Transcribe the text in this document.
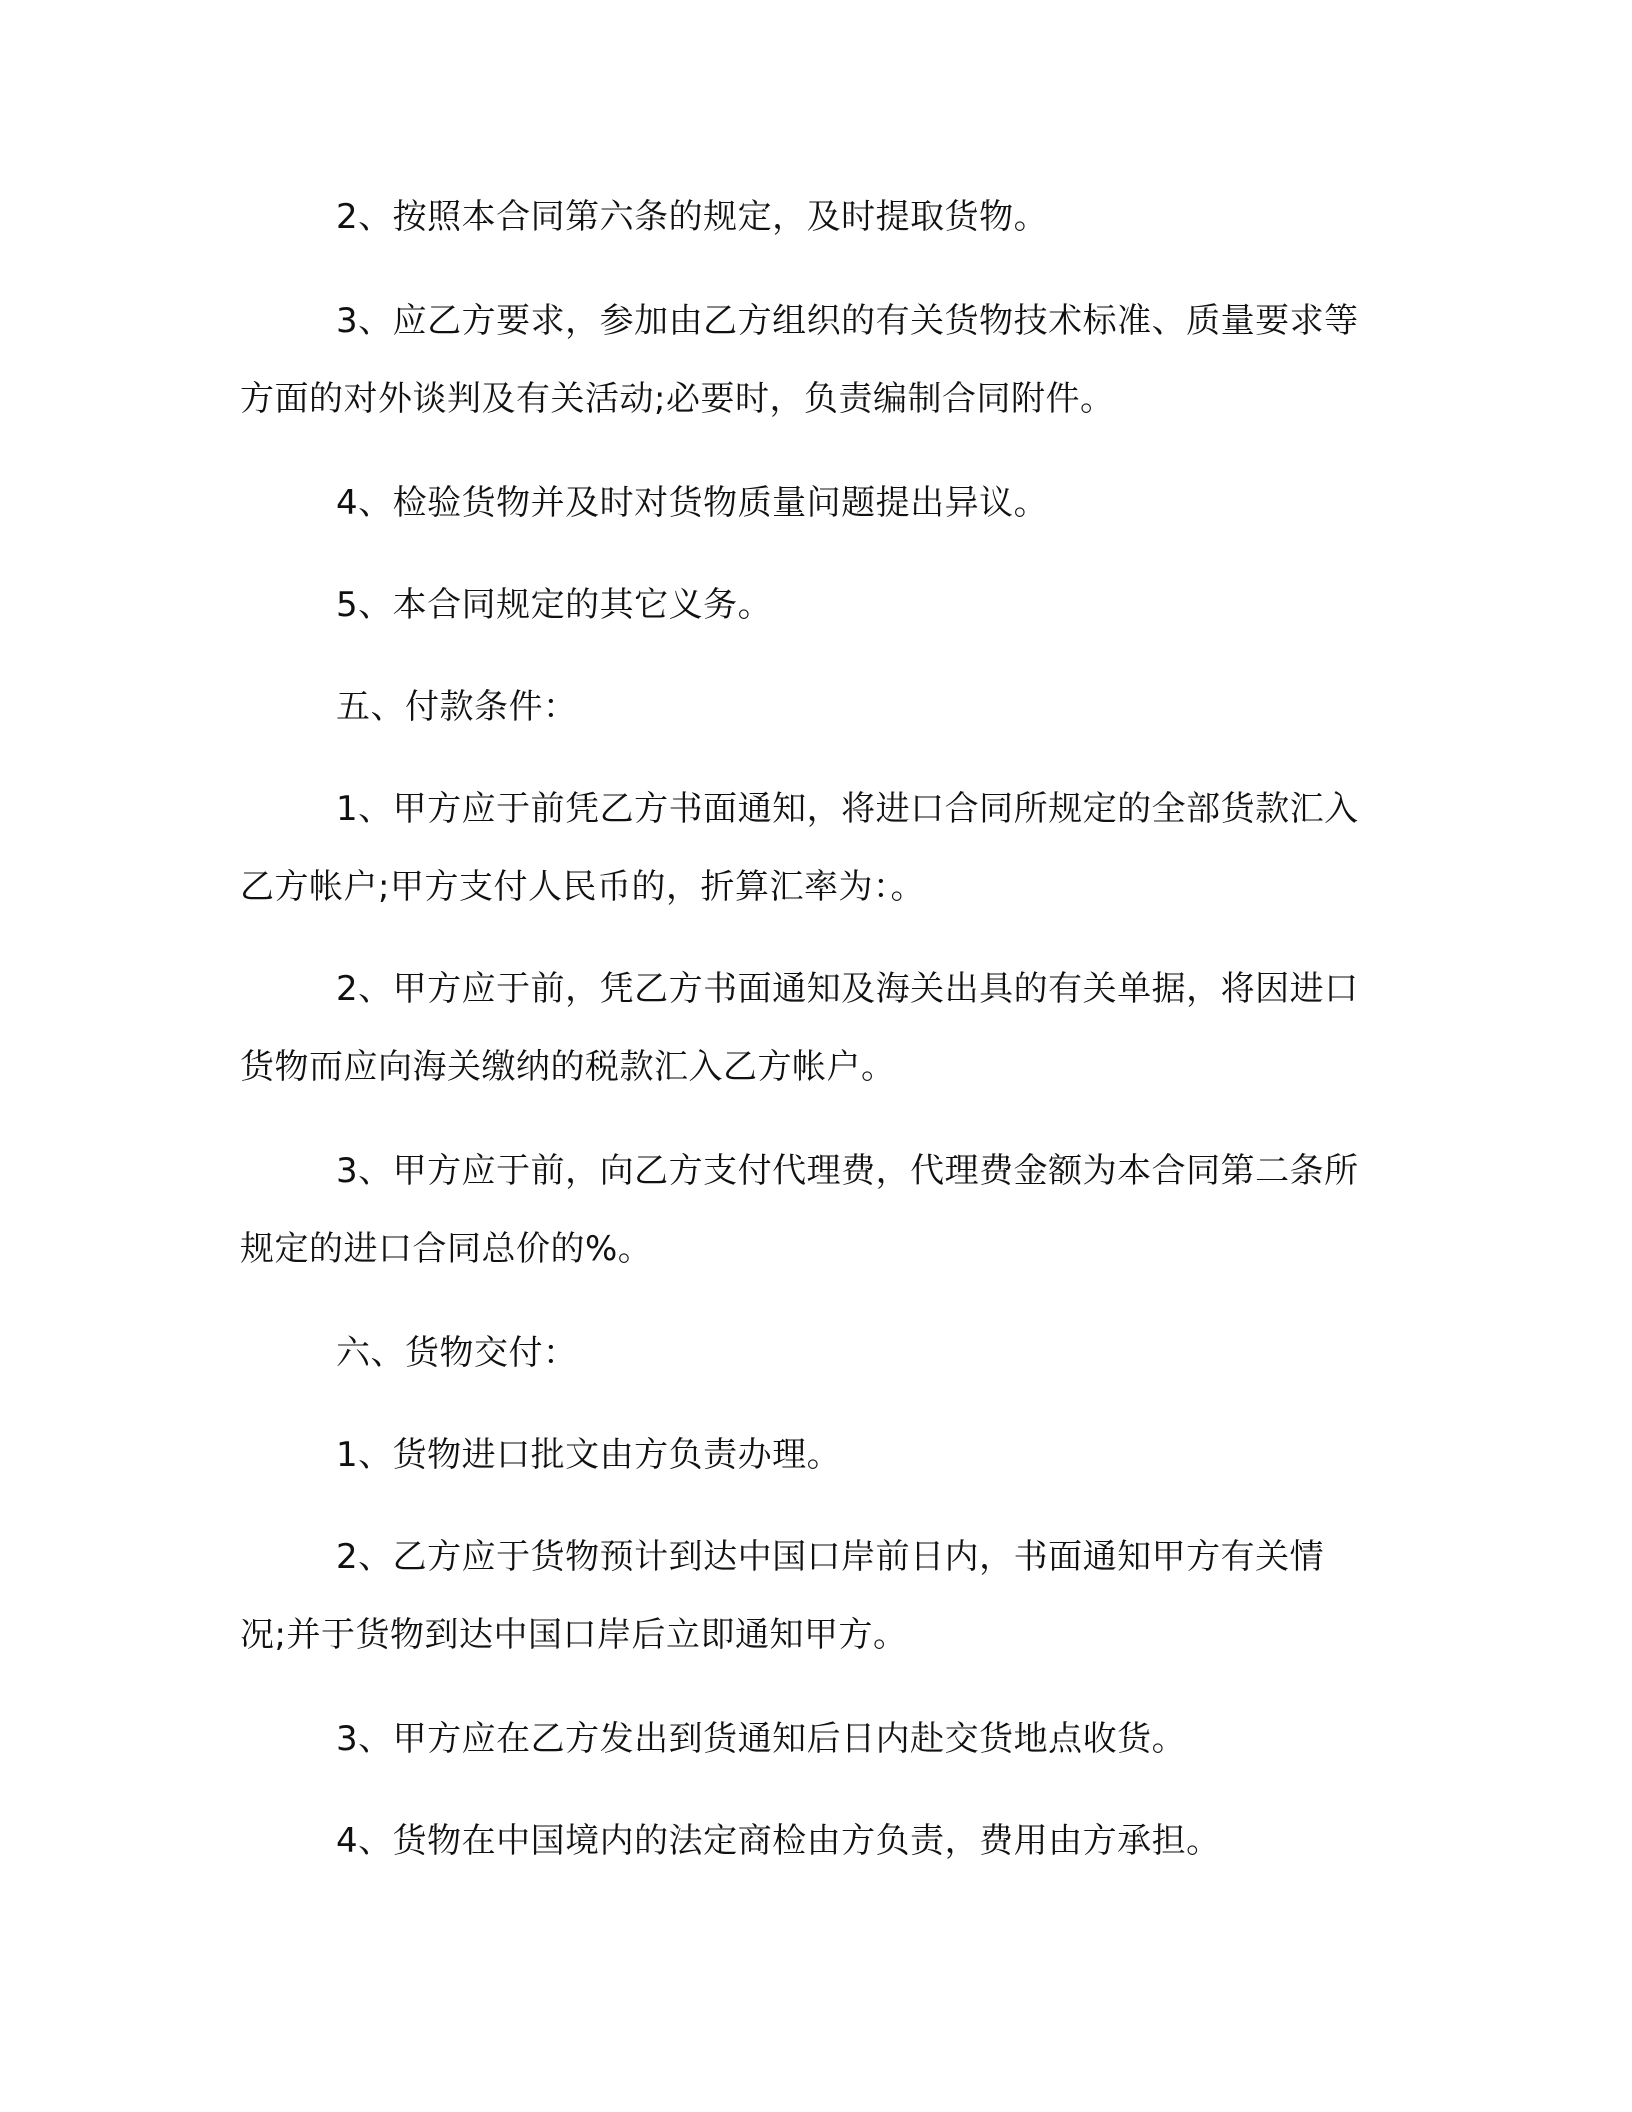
2、按照本合同第六条的规定，及时提取货物。

3、应乙方要求，参加由乙方组织的有关货物技术标准、质量要求等方面的对外谈判及有关活动;必要时，负责编制合同附件。

4、检验货物并及时对货物质量问题提出异议。

5、本合同规定的其它义务。

五、付款条件：

1、甲方应于前凭乙方书面通知，将进口合同所规定的全部货款汇入乙方帐户;甲方支付人民币的，折算汇率为：。

2、甲方应于前，凭乙方书面通知及海关出具的有关单据，将因进口货物而应向海关缴纳的税款汇入乙方帐户。

3、甲方应于前，向乙方支付代理费，代理费金额为本合同第二条所规定的进口合同总价的%。

六、货物交付：

1、货物进口批文由方负责办理。

2、乙方应于货物预计到达中国口岸前日内，书面通知甲方有关情况;并于货物到达中国口岸后立即通知甲方。

3、甲方应在乙方发出到货通知后日内赴交货地点收货。

4、货物在中国境内的法定商检由方负责，费用由方承担。
